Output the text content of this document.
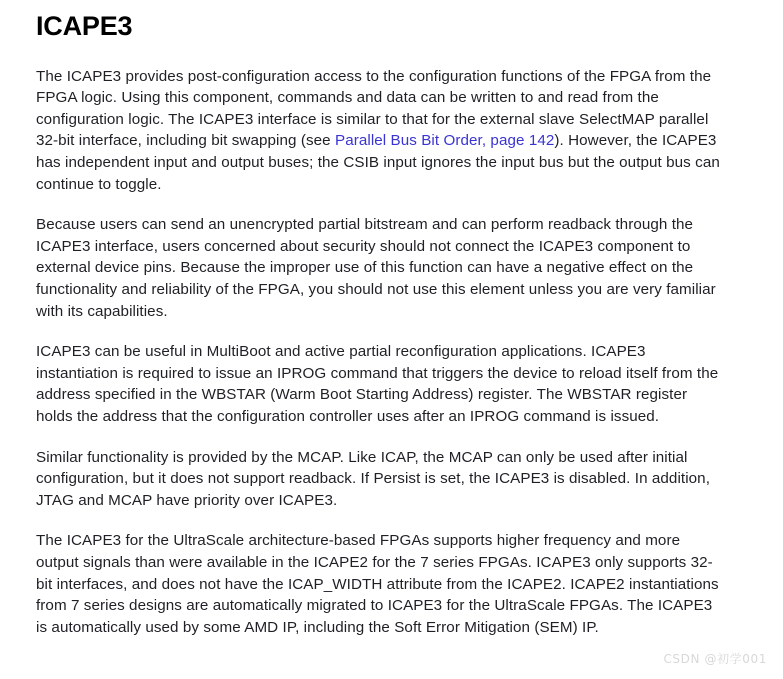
ICAPE3

The ICAPE3 provides post-configuration access to the configuration functions of the FPGA from the FPGA logic. Using this component, commands and data can be written to and read from the configuration logic. The ICAPE3 interface is similar to that for the external slave SelectMAP parallel 32-bit interface, including bit swapping (see Parallel Bus Bit Order, page 142). However, the ICAPE3 has independent input and output buses; the CSIB input ignores the input bus but the output bus can continue to toggle.

Because users can send an unencrypted partial bitstream and can perform readback through the ICAPE3 interface, users concerned about security should not connect the ICAPE3 component to external device pins. Because the improper use of this function can have a negative effect on the functionality and reliability of the FPGA, you should not use this element unless you are very familiar with its capabilities.

ICAPE3 can be useful in MultiBoot and active partial reconfiguration applications. ICAPE3 instantiation is required to issue an IPROG command that triggers the device to reload itself from the address specified in the WBSTAR (Warm Boot Starting Address) register. The WBSTAR register holds the address that the configuration controller uses after an IPROG command is issued.

Similar functionality is provided by the MCAP. Like ICAP, the MCAP can only be used after initial configuration, but it does not support readback. If Persist is set, the ICAPE3 is disabled. In addition, JTAG and MCAP have priority over ICAPE3.

The ICAPE3 for the UltraScale architecture-based FPGAs supports higher frequency and more output signals than were available in the ICAPE2 for the 7 series FPGAs. ICAPE3 only supports 32-bit interfaces, and does not have the ICAP_WIDTH attribute from the ICAPE2. ICAPE2 instantiations from 7 series designs are automatically migrated to ICAPE3 for the UltraScale FPGAs. The ICAPE3 is automatically used by some AMD IP, including the Soft Error Mitigation (SEM) IP.

CSDN @初学001
